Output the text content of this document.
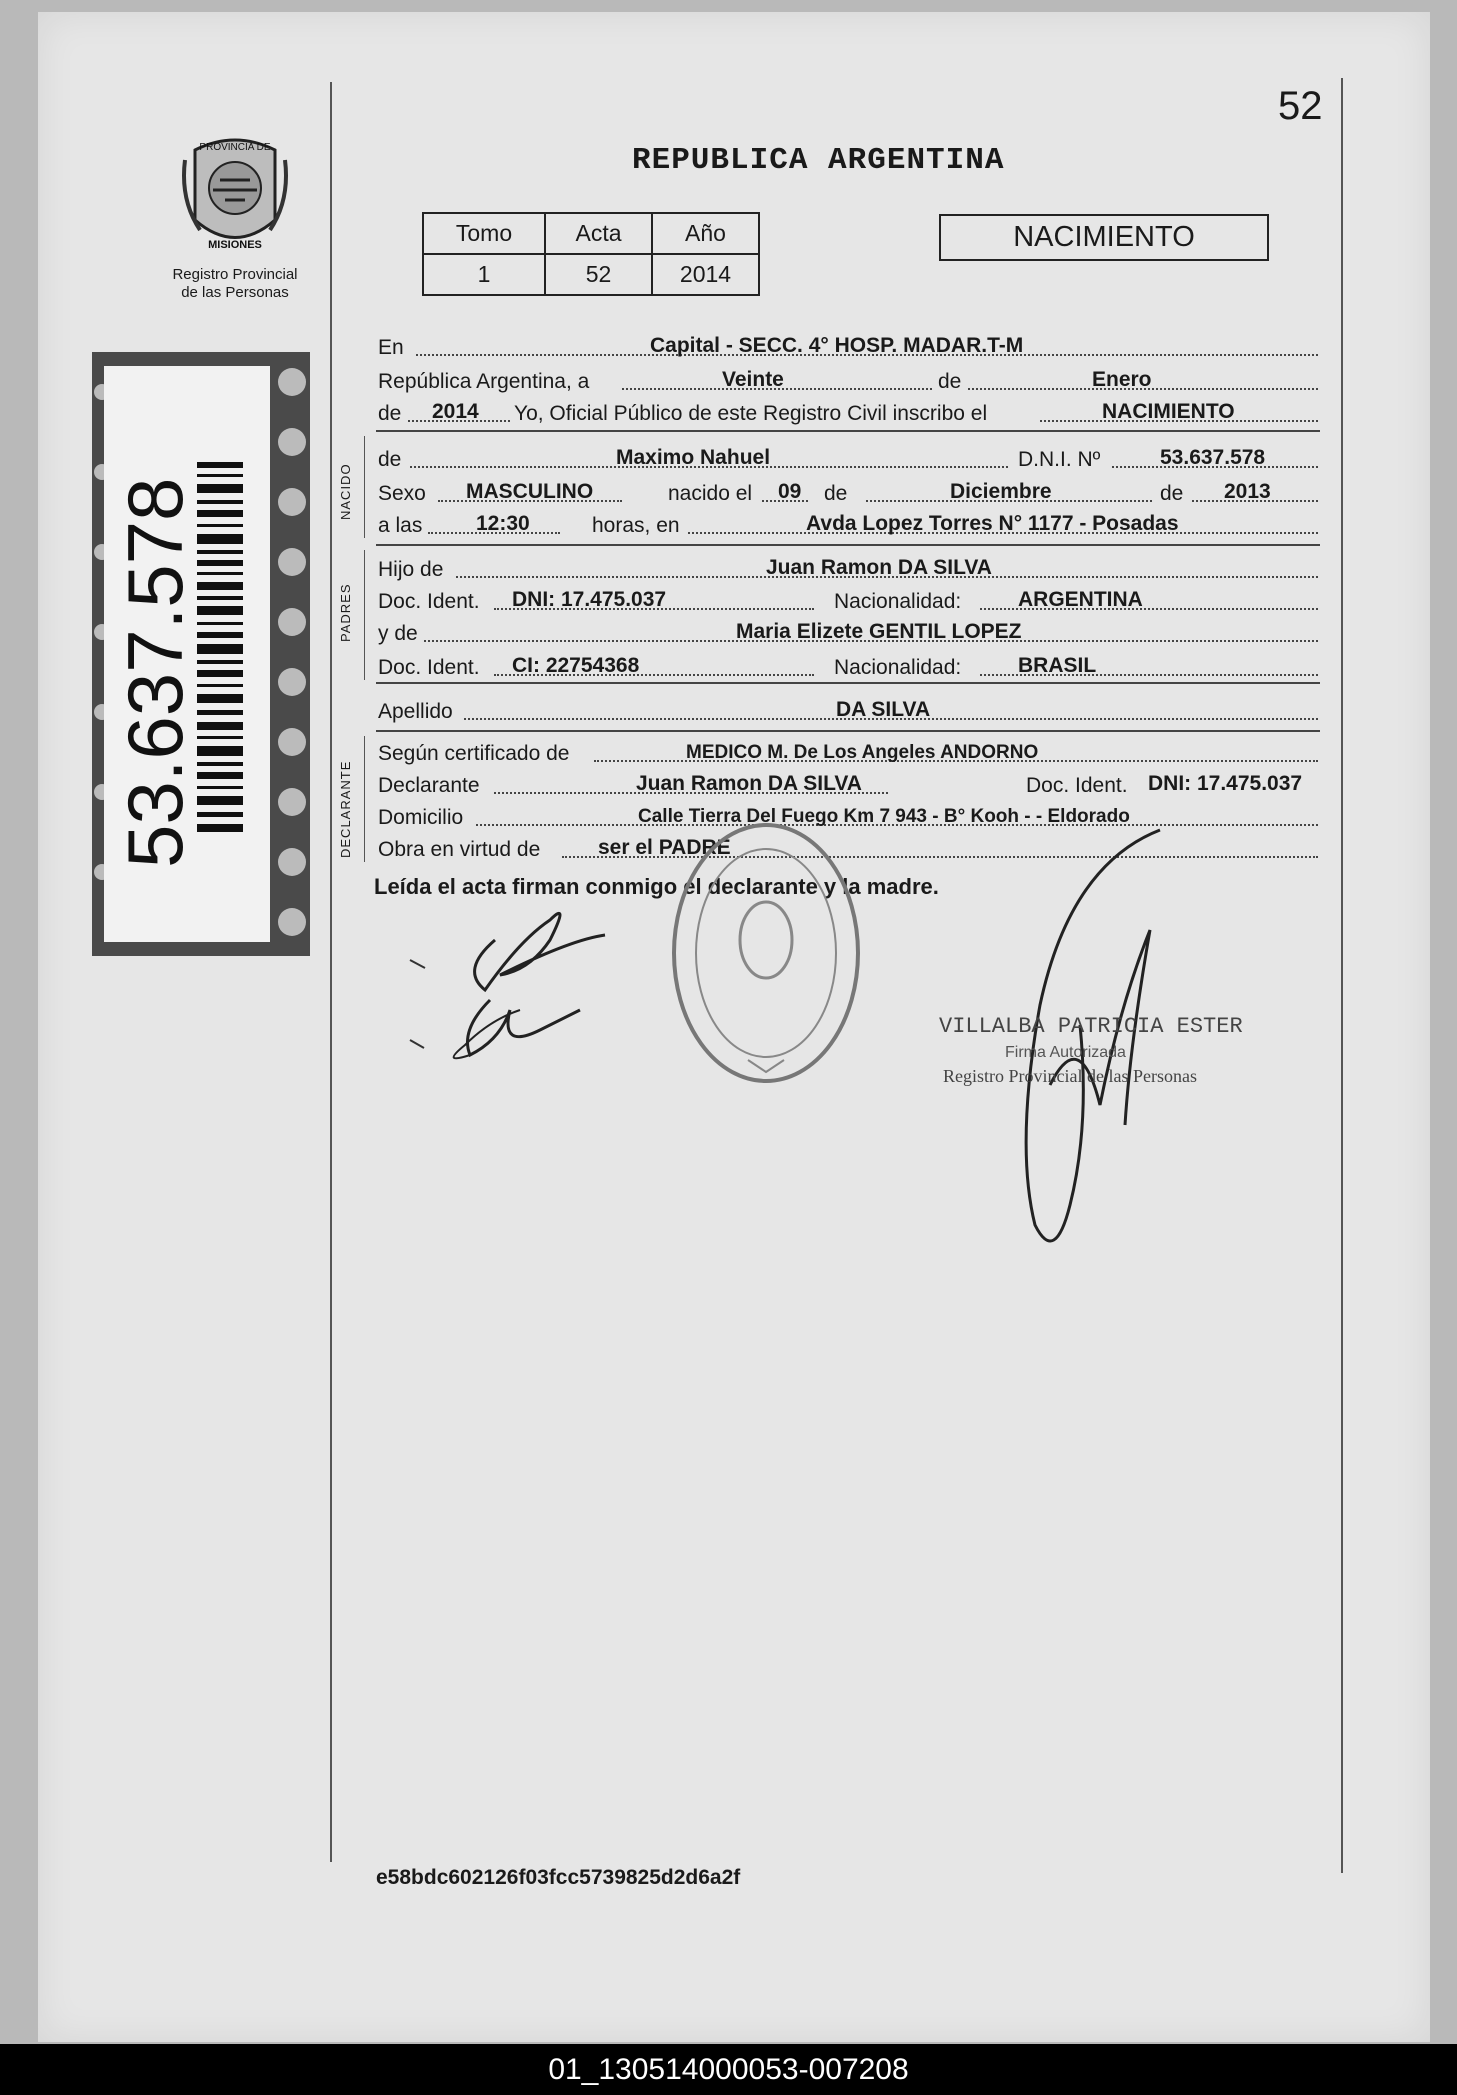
52
REPUBLICA ARGENTINA
PROVINCIA DE
MISIONES
Registro Provincial
de las Personas
53.637.578
Tomo	Acta	Año
1	52	2014
NACIMIENTO
En	Capital - SECC. 4° HOSP. MADAR.T-M
República Argentina, a	Veinte	de	Enero
de 2014 Yo, Oficial Público de este Registro Civil inscribo el	NACIMIENTO
de	Maximo Nahuel	D.N.I. Nº	53.637.578
Sexo MASCULINO	nacido el 09 de	Diciembre	de 2013
a las	12:30	horas, en	Avda Lopez Torres N° 1177 - Posadas
Hijo de	Juan Ramon DA SILVA
Doc. Ident. DNI: 17.475.037	Nacionalidad:	ARGENTINA
y de	Maria Elizete GENTIL LOPEZ
Doc. Ident. CI: 22754368	Nacionalidad:	BRASIL
Apellido	DA SILVA
Según certificado de	MEDICO M. De Los Angeles ANDORNO
Declarante	Juan Ramon DA SILVA	Doc. Ident. DNI: 17.475.037
Domicilio	Calle Tierra Del Fuego Km 7 943 - B° Kooh - - Eldorado
Obra en virtud de	ser el PADRE
NACIDO
PADRES
DECLARANTE
Leída el acta firman conmigo el declarante y la madre.
VILLALBA PATRICIA ESTER
Firma Autorizada
Registro Provincial de las Personas
e58bdc602126f03fcc5739825d2d6a2f
01_130514000053-007208
